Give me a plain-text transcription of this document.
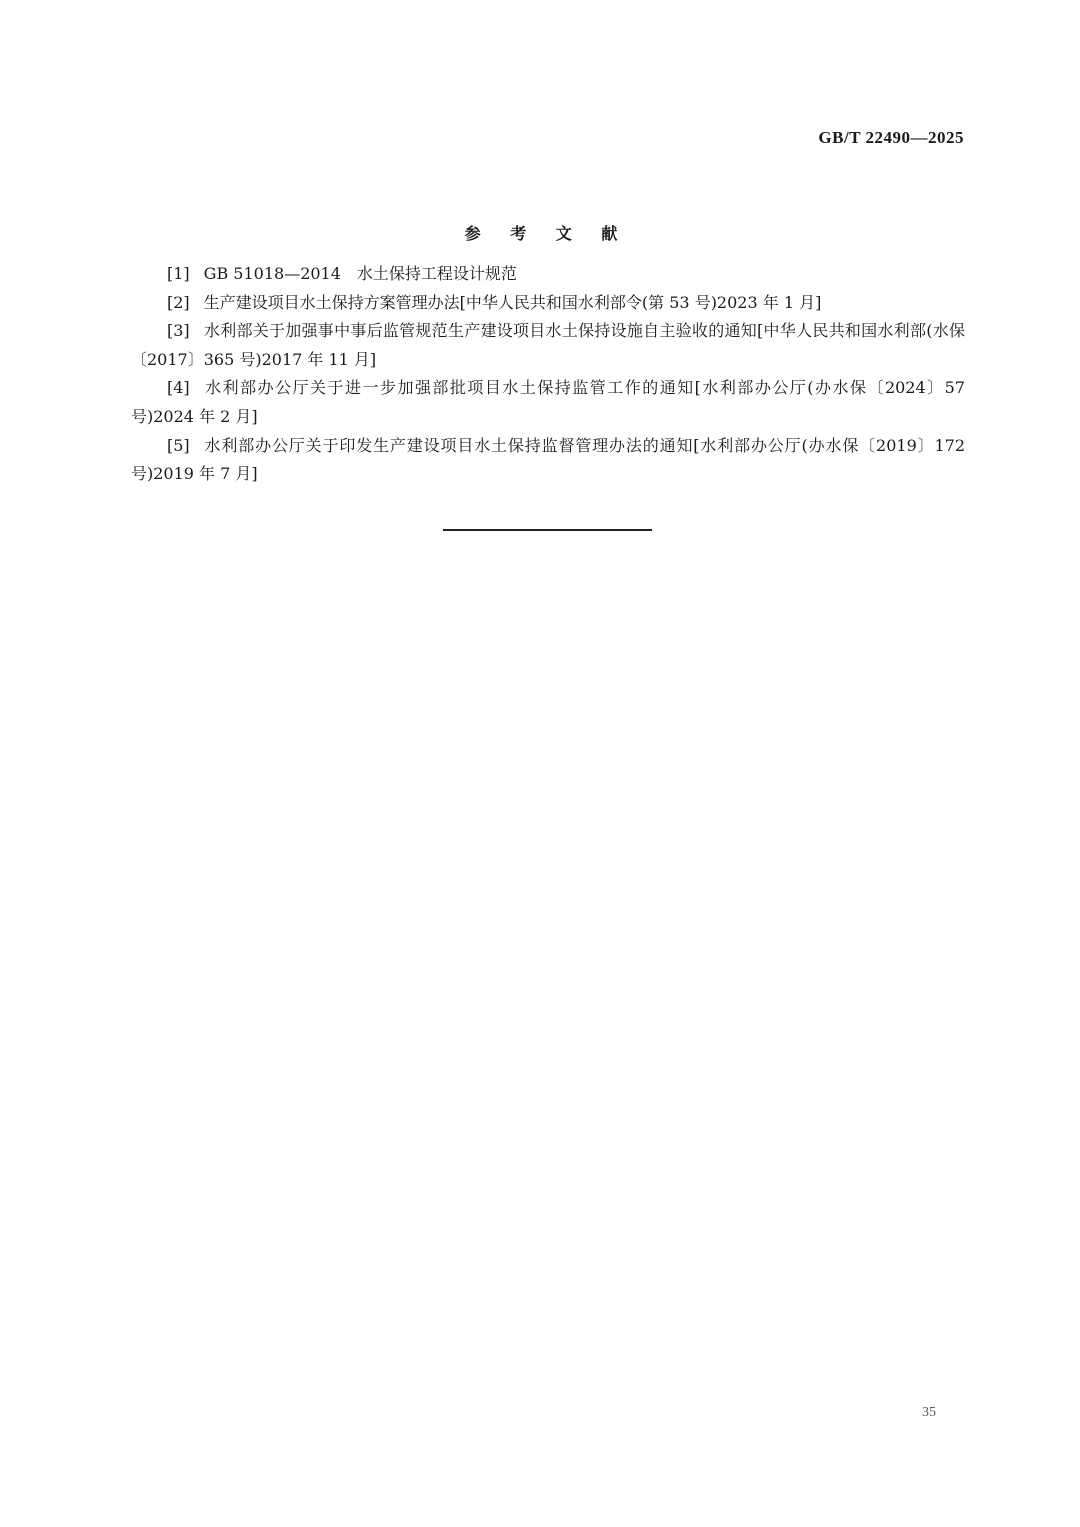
GB/T 22490—2025
参 考 文 献
[1] GB 51018—2014　水土保持工程设计规范
[2] 生产建设项目水土保持方案管理办法[中华人民共和国水利部令(第 53 号)2023 年 1 月]
[3] 水利部关于加强事中事后监管规范生产建设项目水土保持设施自主验收的通知[中华人民共和国水利部(水保〔2017〕365 号)2017 年 11 月]
[4] 水利部办公厅关于进一步加强部批项目水土保持监管工作的通知[水利部办公厅(办水保〔2024〕57 号)2024 年 2 月]
[5] 水利部办公厅关于印发生产建设项目水土保持监督管理办法的通知[水利部办公厅(办水保〔2019〕172 号)2019 年 7 月]
35
